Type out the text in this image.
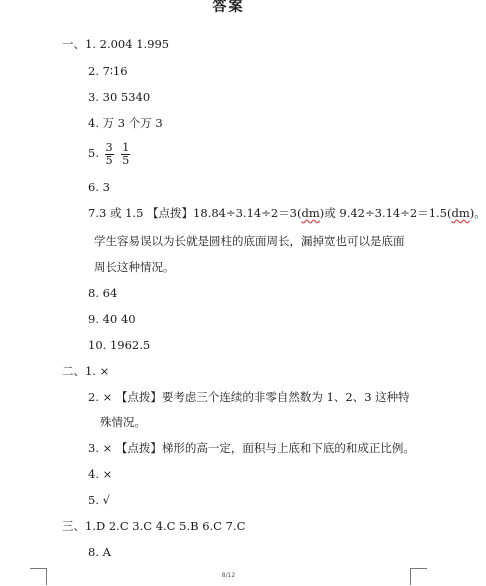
答案
一、1. 2.004 1.995
2. 7∶16
3. 30 5340
4. 万 3 个万 3
5. $\frac{3}{5}$
$\frac{1}{5}$
6. 3
7.3 或 1.5 【点拨】18.84÷3.14÷2＝3(dm)或 9.42÷3.14÷2＝1.5(dm)。
学生容易误以为长就是圆柱的底面周长，漏掉宽也可以是底面
周长这种情况。
8. 64
9. 40 40
10. 1962.5
二、1. ×
2. × 【点拨】要考虑三个连续的非零自然数为 1、2、3 这种特
殊情况。
3. × 【点拨】梯形的高一定，面积与上底和下底的和成正比例。
4. ×
5. √
三、1.D 2.C 3.C 4.C 5.B 6.C 7.C
8. A
8/12
